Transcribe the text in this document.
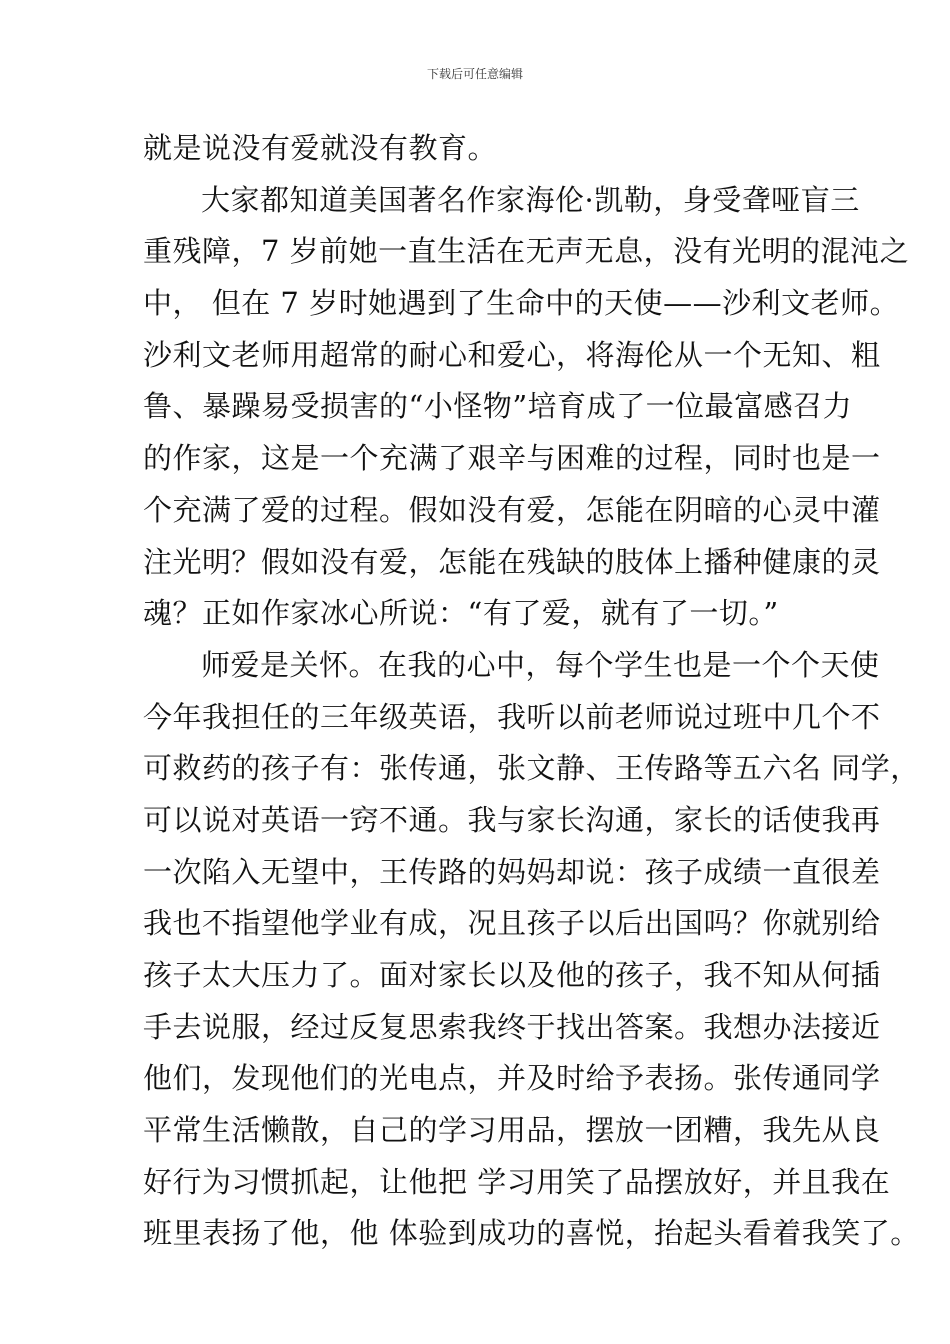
下载后可任意编辑
就是说没有爱就没有教育。
大家都知道美国著名作家海伦·凯勒，身受聋哑盲三
重残障，7 岁前她一直生活在无声无息，没有光明的混沌之
中， 但在 7 岁时她遇到了生命中的天使——沙利文老师。
沙利文老师用超常的耐心和爱心，将海伦从一个无知、粗
鲁、暴躁易受损害的“小怪物”培育成了一位最富感召力
的作家，这是一个充满了艰辛与困难的过程，同时也是一
个充满了爱的过程。假如没有爱，怎能在阴暗的心灵中灌
注光明？假如没有爱，怎能在残缺的肢体上播种健康的灵
魂？正如作家冰心所说：“有了爱，就有了一切。”
师爱是关怀。在我的心中，每个学生也是一个个天使
今年我担任的三年级英语，我听以前老师说过班中几个不
可救药的孩子有：张传通，张文静、王传路等五六名 同学，
可以说对英语一窍不通。我与家长沟通，家长的话使我再
一次陷入无望中，王传路的妈妈却说：孩子成绩一直很差
我也不指望他学业有成，况且孩子以后出国吗？你就别给
孩子太大压力了。面对家长以及他的孩子，我不知从何插
手去说服，经过反复思索我终于找出答案。我想办法接近
他们，发现他们的光电点，并及时给予表扬。张传通同学
平常生活懒散，自己的学习用品，摆放一团糟，我先从良
好行为习惯抓起，让他把 学习用笑了品摆放好，并且我在
班里表扬了他，他 体验到成功的喜悦，抬起头看着我笑了。
